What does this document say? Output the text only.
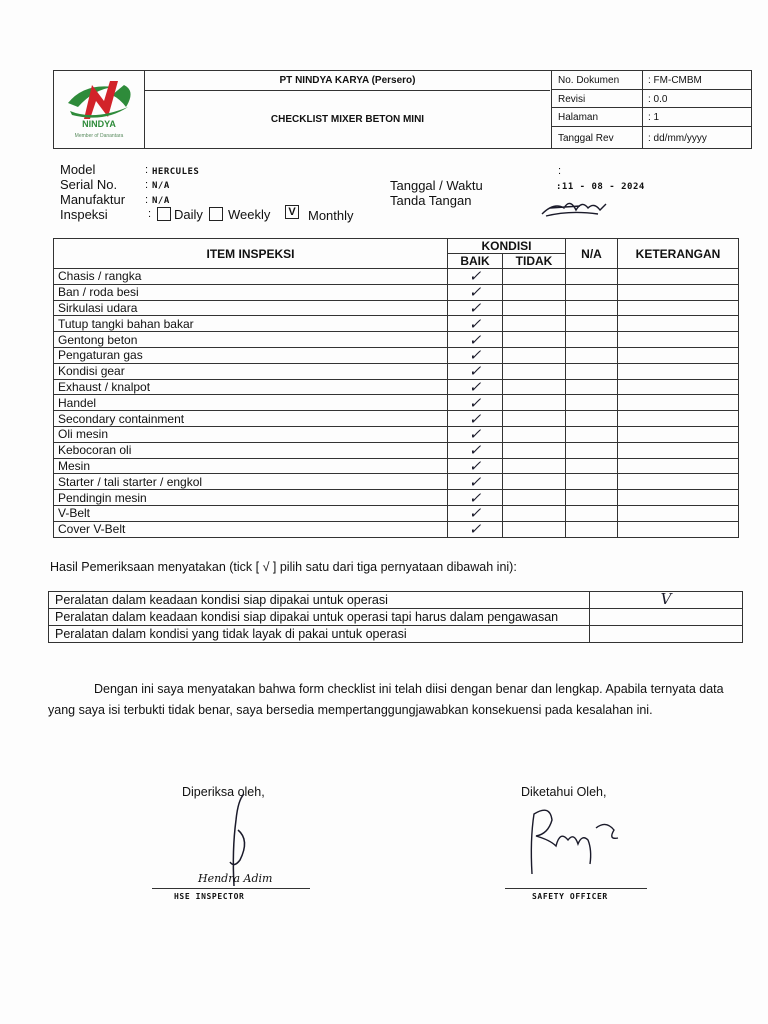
NINDYA
Member of Danantara
PT NINDYA KARYA (Persero)
CHECKLIST MIXER BETON MINI
No. Dokumen	: FM-CMBM
Revisi	: 0.0
Halaman	: 1
Tanggal Rev	: dd/mm/yyyy
Model	: HERCULES
Serial No.	: N/A
Manufaktur : N/A
Inspeksi	: Daily Weekly	V Monthly
Tanggal / Waktu
:
:11 - 08 - 2024
Tanda Tangan
ITEM INSPEKSI	KONDISI		N/A	KETERANGAN
	BAIK	TIDAK		
Chasis / rangka	✓			
Ban / roda besi	✓			
Sirkulasi udara	✓			
Tutup tangki bahan bakar	✓			
Gentong beton	✓			
Pengaturan gas	✓			
Kondisi gear	✓			
Exhaust / knalpot	✓			
Handel	✓			
Secondary containment	✓			
Oli mesin	✓			
Kebocoran oli	✓			
Mesin	✓			
Starter / tali starter / engkol	✓			
Pendingin mesin	✓			
V-Belt	✓			
Cover V-Belt	✓			
Hasil Pemeriksaan menyatakan (tick [ √ ] pilih satu dari tiga pernyataan dibawah ini):
Peralatan dalam keadaan kondisi siap dipakai untuk operasi	V
Peralatan dalam keadaan kondisi siap dipakai untuk operasi tapi harus dalam pengawasan	
Peralatan dalam kondisi yang tidak layak di pakai untuk operasi	
Dengan ini saya menyatakan bahwa form checklist ini telah diisi dengan benar dan lengkap. Apabila ternyata data yang saya isi terbukti tidak benar, saya bersedia mempertanggungjawabkan konsekuensi pada kesalahan ini.
Diperiksa oleh,
Hendra Adim
HSE INSPECTOR
Diketahui Oleh,
SAFETY OFFICER
